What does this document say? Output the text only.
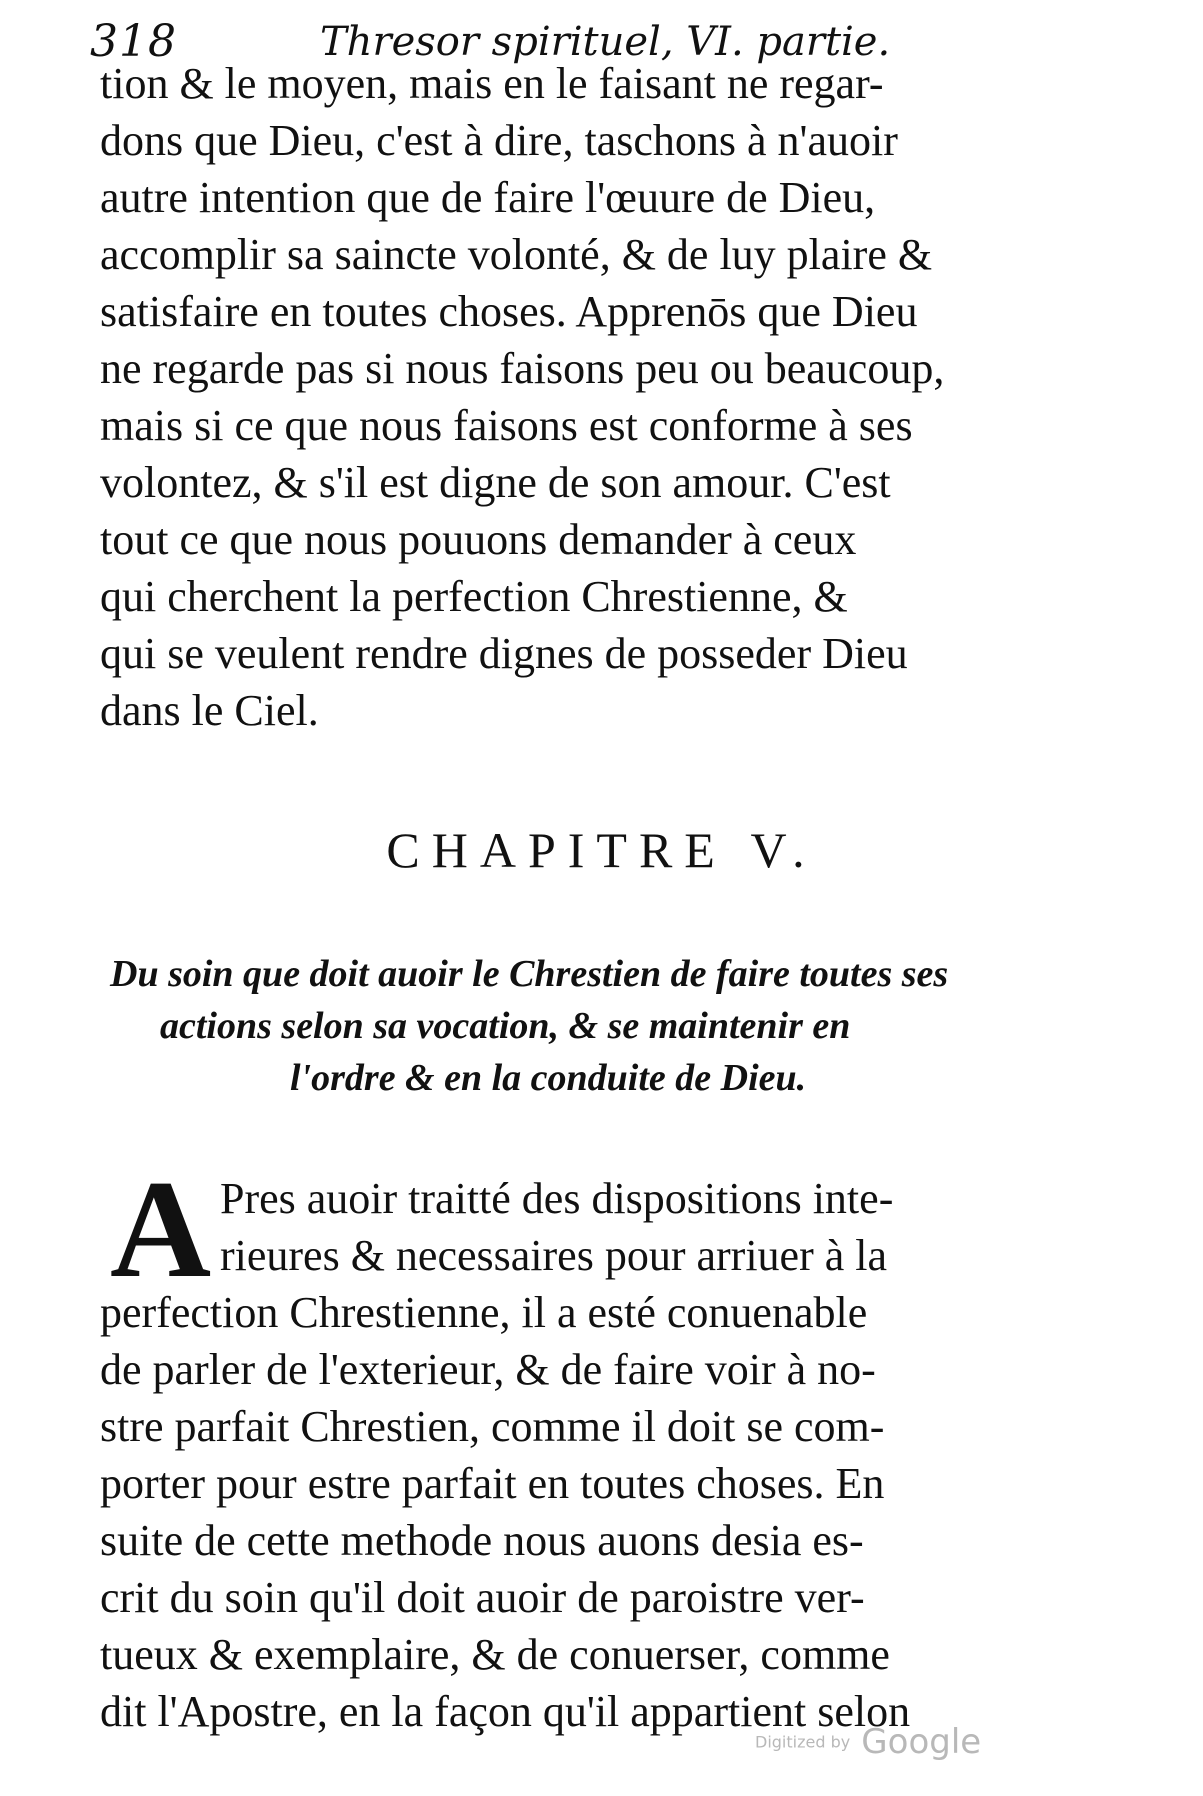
318	Thresor spirituel, VI. partie.
tion & le moyen, mais en le faisant ne regar-
dons que Dieu, c'est à dire, taschons à n'auoir
autre intention que de faire l'œuure de Dieu,
accomplir sa saincte volonté, & de luy plaire &
satisfaire en toutes choses. Apprenōs que Dieu
ne regarde pas si nous faisons peu ou beaucoup,
mais si ce que nous faisons est conforme à ses
volontez, & s'il est digne de son amour. C'est
tout ce que nous pouuons demander à ceux
qui cherchent la perfection Chrestienne, &
qui se veulent rendre dignes de posseder Dieu
dans le Ciel.
CHAPITRE V.
Du soin que doit auoir le Chrestien de faire toutes ses
actions selon sa vocation, & se maintenir en
l'ordre & en la conduite de Dieu.
A Pres auoir traitté des dispositions inte-
rieures & necessaires pour arriuer à la
perfection Chrestienne, il a esté conuenable
de parler de l'exterieur, & de faire voir à no-
stre parfait Chrestien, comme il doit se com-
porter pour estre parfait en toutes choses. En
suite de cette methode nous auons desia es-
crit du soin qu'il doit auoir de paroistre ver-
tueux & exemplaire, & de conuerser, comme
dit l'Apostre, en la façon qu'il appartient selon
Digitized by Google
